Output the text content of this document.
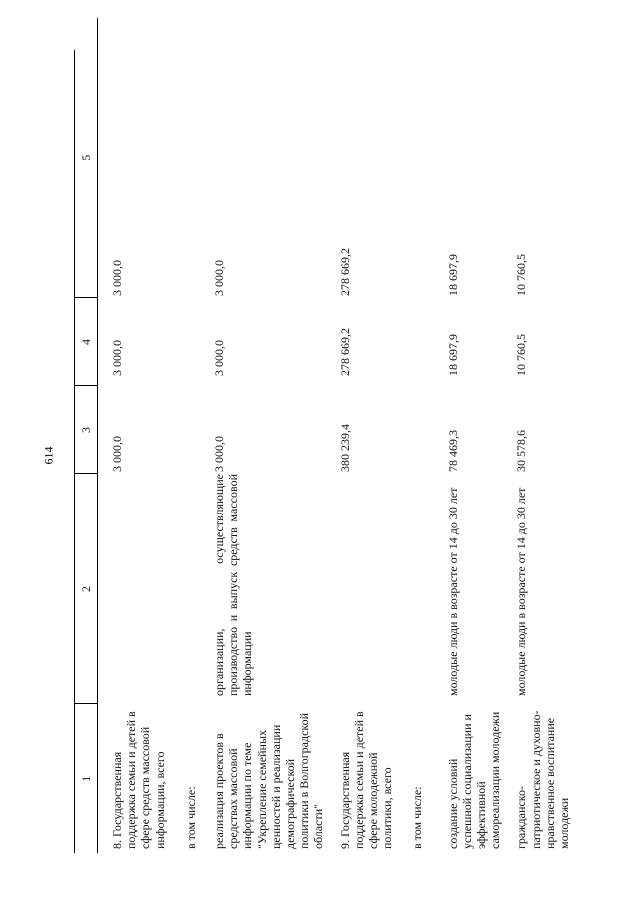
614
1	2	3	4	5
8. Государственная поддержка семьи и детей в сфере средств массовой информации, всего		3 000,0	3 000,0	3 000,0
в том числе:				
реализация проектов в средствах массовой информации по теме "Укрепление семейных ценностей и реализации демографической политики в Волгоградской области"	организации, осуществляющие производство и выпуск средств массовой информации	3 000,0	3 000,0	3 000,0
9. Государственная поддержка семьи и детей в сфере молодежной политики, всего		380 239,4	278 669,2	278 669,2
в том числе:				
создание условий успешной социализации и эффективной самореализации молодежи	молодые люди в возрасте от 14 до 30 лет	78 469,3	18 697,9	18 697,9
гражданско-патриотическое и духовно-нравственное воспитание молодежи	молодые люди в возрасте от 14 до 30 лет	30 578,6	10 760,5	10 760,5
